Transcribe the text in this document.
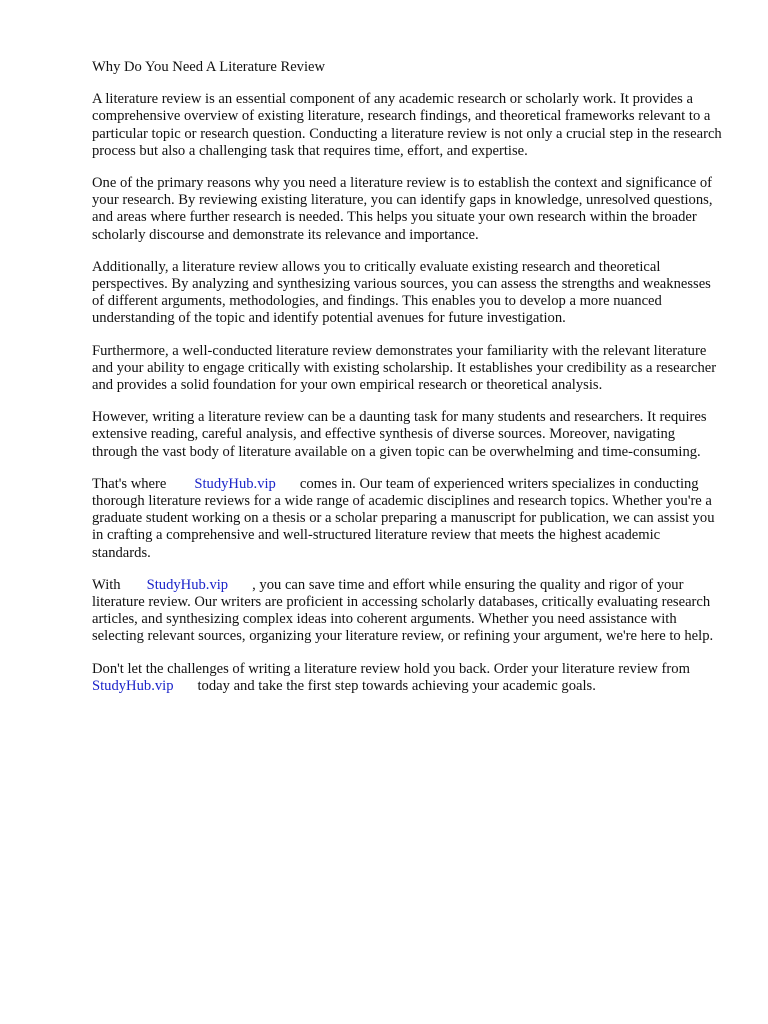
Why Do You Need A Literature Review

A literature review is an essential component of any academic research or scholarly work. It provides a comprehensive overview of existing literature, research findings, and theoretical frameworks relevant to a particular topic or research question. Conducting a literature review is not only a crucial step in the research process but also a challenging task that requires time, effort, and expertise.

One of the primary reasons why you need a literature review is to establish the context and significance of your research. By reviewing existing literature, you can identify gaps in knowledge, unresolved questions, and areas where further research is needed. This helps you situate your own research within the broader scholarly discourse and demonstrate its relevance and importance.

Additionally, a literature review allows you to critically evaluate existing research and theoretical perspectives. By analyzing and synthesizing various sources, you can assess the strengths and weaknesses of different arguments, methodologies, and findings. This enables you to develop a more nuanced understanding of the topic and identify potential avenues for future investigation.

Furthermore, a well-conducted literature review demonstrates your familiarity with the relevant literature and your ability to engage critically with existing scholarship. It establishes your credibility as a researcher and provides a solid foundation for your own empirical research or theoretical analysis.

However, writing a literature review can be a daunting task for many students and researchers. It requires extensive reading, careful analysis, and effective synthesis of diverse sources. Moreover, navigating through the vast body of literature available on a given topic can be overwhelming and time-consuming.

That's where StudyHub.vip comes in. Our team of experienced writers specializes in conducting thorough literature reviews for a wide range of academic disciplines and research topics. Whether you're a graduate student working on a thesis or a scholar preparing a manuscript for publication, we can assist you in crafting a comprehensive and well-structured literature review that meets the highest academic standards.

With StudyHub.vip , you can save time and effort while ensuring the quality and rigor of your literature review. Our writers are proficient in accessing scholarly databases, critically evaluating research articles, and synthesizing complex ideas into coherent arguments. Whether you need assistance with selecting relevant sources, organizing your literature review, or refining your argument, we're here to help.

Don't let the challenges of writing a literature review hold you back. Order your literature review fromStudyHub.vip today and take the first step towards achieving your academic goals.
